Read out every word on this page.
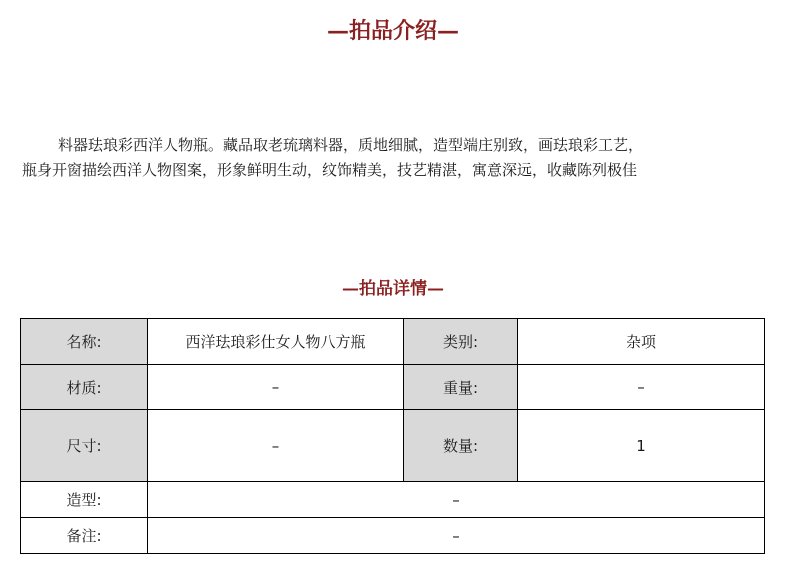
—拍品介绍—
料器珐琅彩西洋人物瓶。藏品取老琉璃料器，质地细腻，造型端庄别致，画珐琅彩工艺，
瓶身开窗描绘西洋人物图案，形象鲜明生动，纹饰精美，技艺精湛，寓意深远，收藏陈列极佳
—拍品详情—
名称:	西洋珐琅彩仕女人物八方瓶	类别:	杂项
材质:	–	重量:	–
尺寸:	–	数量:	1
造型:	–		
备注:	–		
